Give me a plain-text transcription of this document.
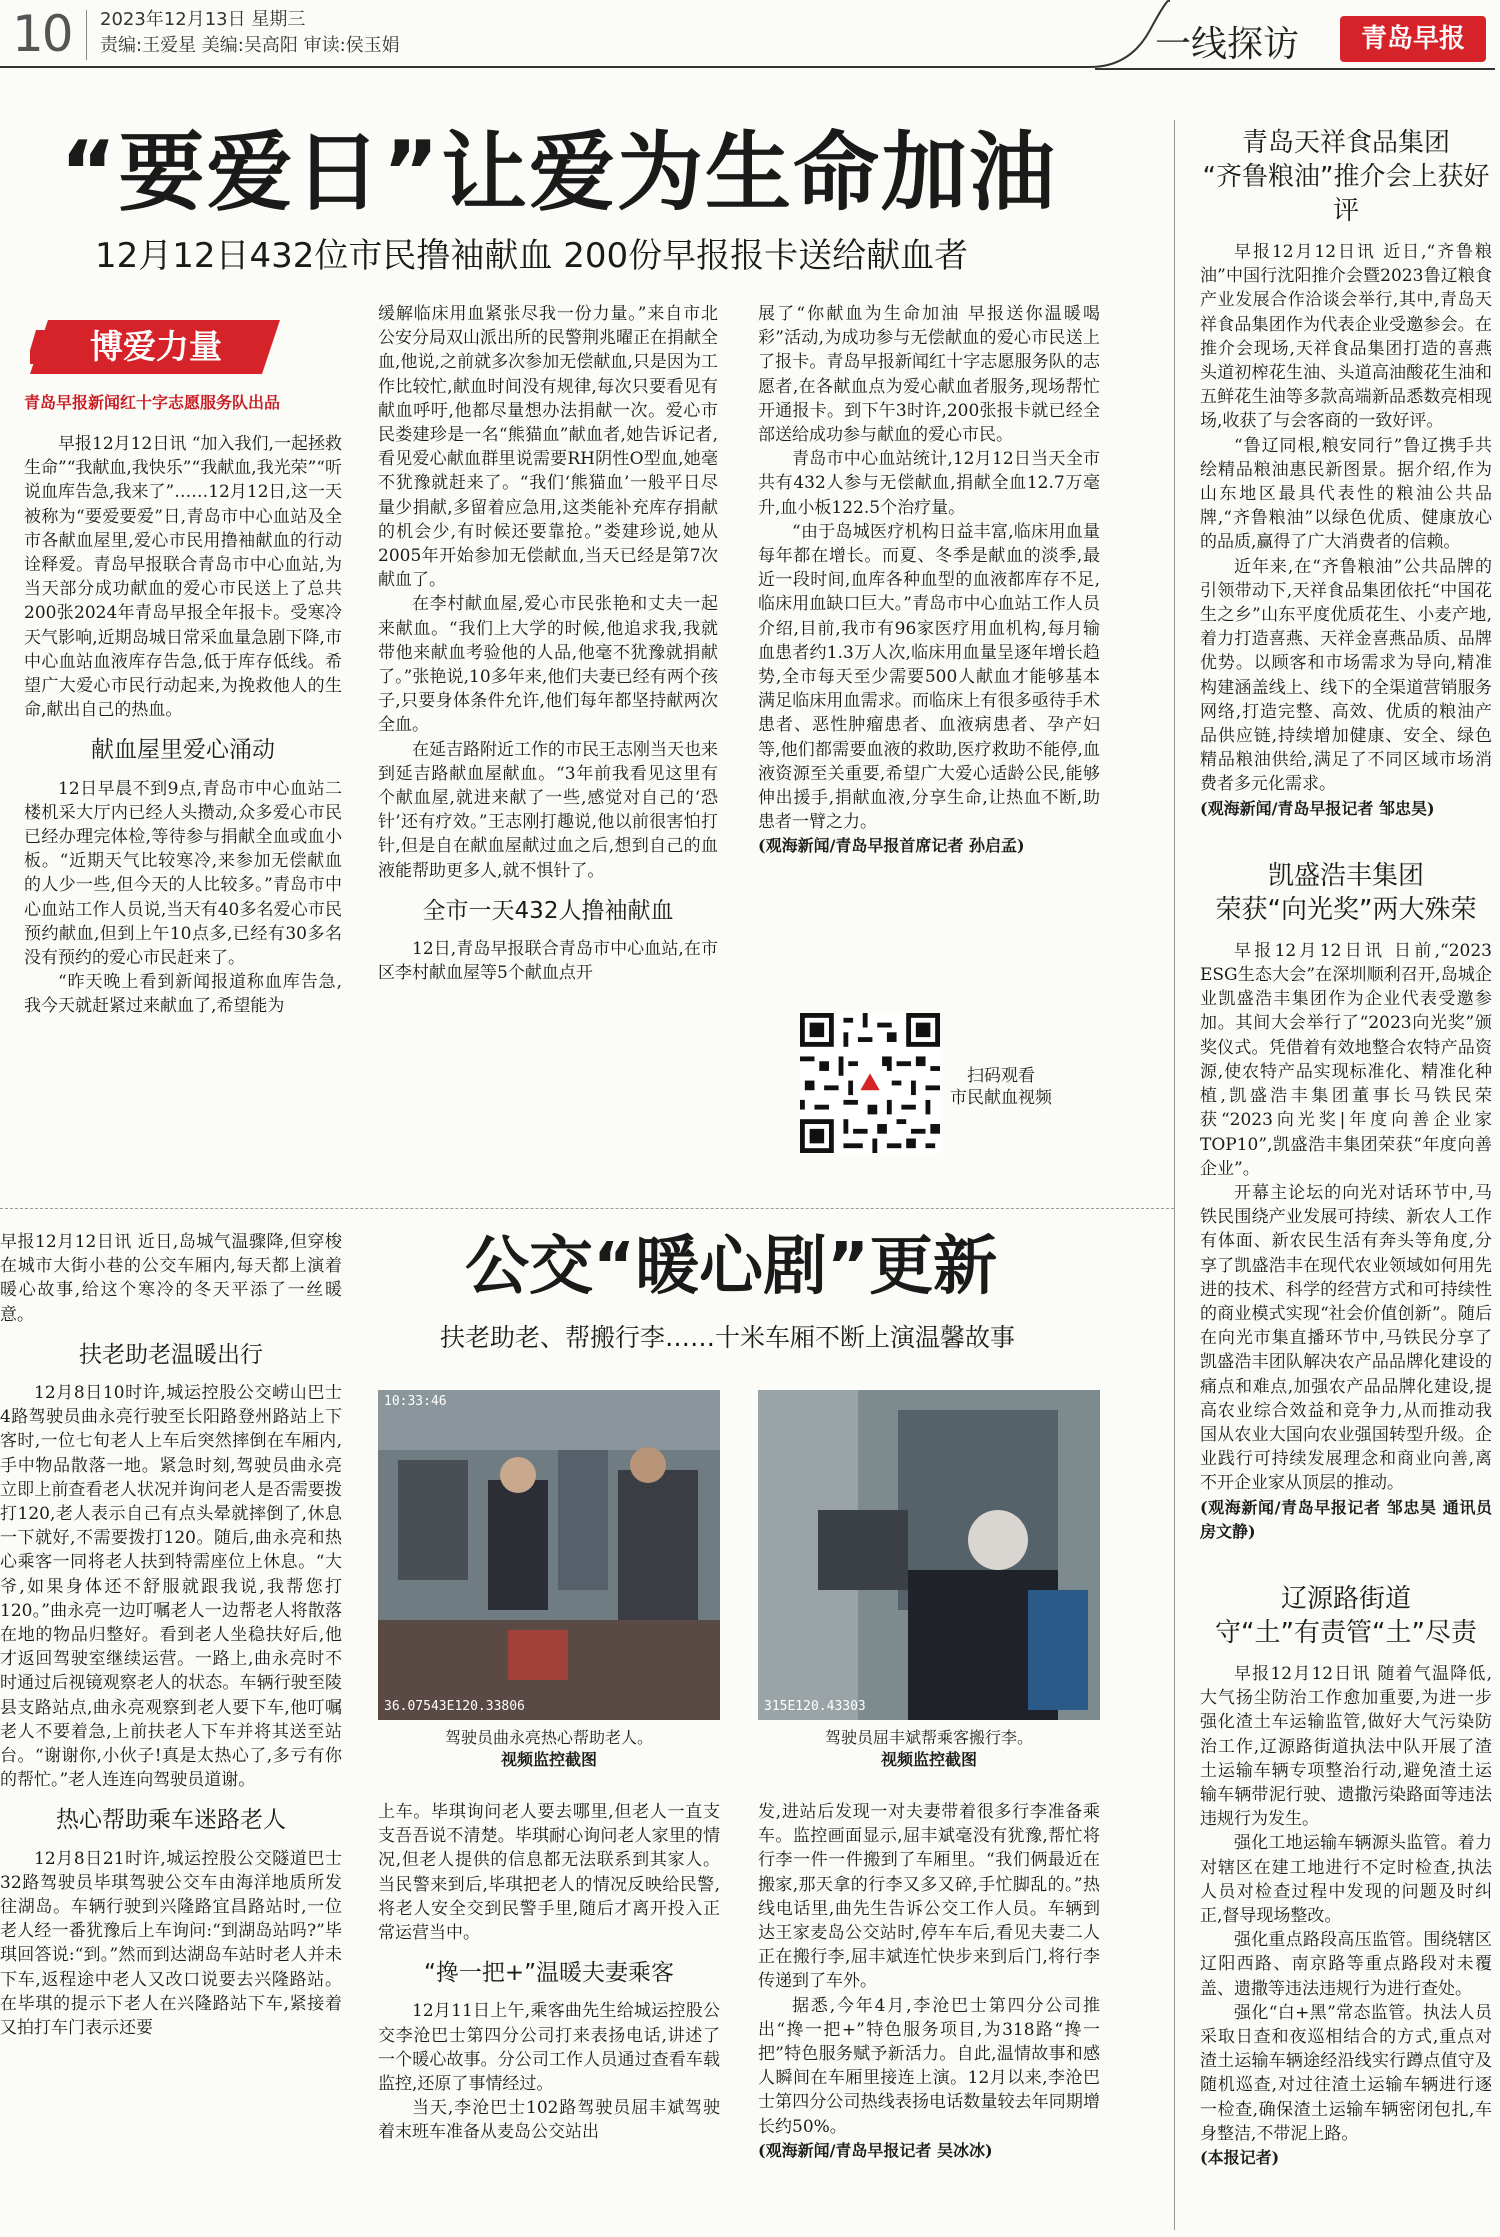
10 2023年12月13日 星期三
责编:王爱星 美编:吴高阳 审读:侯玉娟	一线探访	青岛早报
“要爱日”让爱为生命加油
12月12日432位市民撸袖献血 200份早报报卡送给献血者
博爱力量
青岛早报新闻红十字志愿服务队出品

早报12月12日讯 “加入我们,一起拯救生命”“我献血,我快乐”“我献血,我光荣”“听说血库告急,我来了”……12月12日,这一天被称为“要爱要爱”日,青岛市中心血站及全市各献血屋里,爱心市民用撸袖献血的行动诠释爱。青岛早报联合青岛市中心血站,为当天部分成功献血的爱心市民送上了总共200张2024年青岛早报全年报卡。受寒冷天气影响,近期岛城日常采血量急剧下降,市中心血站血液库存告急,低于库存低线。希望广大爱心市民行动起来,为挽救他人的生命,献出自己的热血。

献血屋里爱心涌动

12日早晨不到9点,青岛市中心血站二楼机采大厅内已经人头攒动,众多爱心市民已经办理完体检,等待参与捐献全血或血小板。“近期天气比较寒冷,来参加无偿献血的人少一些,但今天的人比较多。”青岛市中心血站工作人员说,当天有40多名爱心市民预约献血,但到上午10点多,已经有30多名没有预约的爱心市民赶来了。

“昨天晚上看到新闻报道称血库告急,我今天就赶紧过来献血了,希望能为

缓解临床用血紧张尽我一份力量。”来自市北公安分局双山派出所的民警荆兆曜正在捐献全血,他说,之前就多次参加无偿献血,只是因为工作比较忙,献血时间没有规律,每次只要看见有献血呼吁,他都尽量想办法捐献一次。爱心市民娄建珍是一名“熊猫血”献血者,她告诉记者,看见爱心献血群里说需要RH阴性O型血,她毫不犹豫就赶来了。“我们‘熊猫血’一般平日尽量少捐献,多留着应急用,这类能补充库存捐献的机会少,有时候还要靠抢。”娄建珍说,她从2005年开始参加无偿献血,当天已经是第7次献血了。

在李村献血屋,爱心市民张艳和丈夫一起来献血。“我们上大学的时候,他追求我,我就带他来献血考验他的人品,他毫不犹豫就捐献了。”张艳说,10多年来,他们夫妻已经有两个孩子,只要身体条件允许,他们每年都坚持献两次全血。

在延吉路附近工作的市民王志刚当天也来到延吉路献血屋献血。“3年前我看见这里有个献血屋,就进来献了一些,感觉对自己的‘恐针’还有疗效。”王志刚打趣说,他以前很害怕打针,但是自在献血屋献过血之后,想到自己的血液能帮助更多人,就不惧针了。

全市一天432人撸袖献血

12日,青岛早报联合青岛市中心血站,在市区李村献血屋等5个献血点开

展了“你献血为生命加油 早报送你温暖喝彩”活动,为成功参与无偿献血的爱心市民送上了报卡。青岛早报新闻红十字志愿服务队的志愿者,在各献血点为爱心献血者服务,现场帮忙开通报卡。到下午3时许,200张报卡就已经全部送给成功参与献血的爱心市民。

青岛市中心血站统计,12月12日当天全市共有432人参与无偿献血,捐献全血12.7万毫升,血小板122.5个治疗量。

“由于岛城医疗机构日益丰富,临床用血量每年都在增长。而夏、冬季是献血的淡季,最近一段时间,血库各种血型的血液都库存不足,临床用血缺口巨大。”青岛市中心血站工作人员介绍,目前,我市有96家医疗用血机构,每月输血患者约1.3万人次,临床用血量呈逐年增长趋势,全市每天至少需要500人献血才能够基本满足临床用血需求。而临床上有很多亟待手术患者、恶性肿瘤患者、血液病患者、孕产妇等,他们都需要血液的救助,医疗救助不能停,血液资源至关重要,希望广大爱心适龄公民,能够伸出援手,捐献血液,分享生命,让热血不断,助患者一臂之力。

(观海新闻/青岛早报首席记者 孙启孟)

扫码观看
市民献血视频
公交“暖心剧”更新
扶老助老、帮搬行李……十米车厢不断上演温馨故事

早报12月12日讯 近日,岛城气温骤降,但穿梭在城市大街小巷的公交车厢内,每天都上演着暖心故事,给这个寒冷的冬天平添了一丝暖意。

扶老助老温暖出行

12月8日10时许,城运控股公交崂山巴士4路驾驶员曲永亮行驶至长阳路登州路站上下客时,一位七旬老人上车后突然摔倒在车厢内,手中物品散落一地。紧急时刻,驾驶员曲永亮立即上前查看老人状况并询问老人是否需要拨打120,老人表示自己有点头晕就摔倒了,休息一下就好,不需要拨打120。随后,曲永亮和热心乘客一同将老人扶到特需座位上休息。“大爷,如果身体还不舒服就跟我说,我帮您打120。”曲永亮一边叮嘱老人一边帮老人将散落在地的物品归整好。看到老人坐稳扶好后,他才返回驾驶室继续运营。一路上,曲永亮时不时通过后视镜观察老人的状态。车辆行驶至陵县支路站点,曲永亮观察到老人要下车,他叮嘱老人不要着急,上前扶老人下车并将其送至站台。“谢谢你,小伙子!真是太热心了,多亏有你的帮忙。”老人连连向驾驶员道谢。

热心帮助乘车迷路老人

12月8日21时许,城运控股公交隧道巴士32路驾驶员毕琪驾驶公交车由海洋地质所发往湖岛。车辆行驶到兴隆路宜昌路站时,一位老人经一番犹豫后上车询问:“到湖岛站吗?”毕琪回答说:“到。”然而到达湖岛车站时老人并未下车,返程途中老人又改口说要去兴隆路站。在毕琪的提示下老人在兴隆路站下车,紧接着又拍打车门表示还要

10:33:46
36.07543E120.33806
驾驶员曲永亮热心帮助老人。
视频监控截图
315E120.43303
驾驶员屈丰斌帮乘客搬行李。
视频监控截图

上车。毕琪询问老人要去哪里,但老人一直支支吾吾说不清楚。毕琪耐心询问老人家里的情况,但老人提供的信息都无法联系到其家人。当民警来到后,毕琪把老人的情况反映给民警,将老人安全交到民警手里,随后才离开投入正常运营当中。

“搀一把+”温暖夫妻乘客

12月11日上午,乘客曲先生给城运控股公交李沧巴士第四分公司打来表扬电话,讲述了一个暖心故事。分公司工作人员通过查看车载监控,还原了事情经过。

当天,李沧巴士102路驾驶员屈丰斌驾驶着末班车准备从麦岛公交站出

发,进站后发现一对夫妻带着很多行李准备乘车。监控画面显示,屈丰斌毫没有犹豫,帮忙将行李一件一件搬到了车厢里。“我们俩最近在搬家,那天拿的行李又多又碎,手忙脚乱的。”热线电话里,曲先生告诉公交工作人员。车辆到达王家麦岛公交站时,停车车后,看见夫妻二人正在搬行李,屈丰斌连忙快步来到后门,将行李传递到了车外。

据悉,今年4月,李沧巴士第四分公司推出“搀一把+”特色服务项目,为318路“搀一把”特色服务赋予新活力。自此,温情故事和感人瞬间在车厢里接连上演。12月以来,李沧巴士第四分公司热线表扬电话数量较去年同期增长约50%。

(观海新闻/青岛早报记者 吴冰冰)

青岛天祥食品集团
“齐鲁粮油”推介会上获好评

早报12月12日讯 近日,“齐鲁粮油”中国行沈阳推介会暨2023鲁辽粮食产业发展合作洽谈会举行,其中,青岛天祥食品集团作为代表企业受邀参会。在推介会现场,天祥食品集团打造的喜燕头道初榨花生油、头道高油酸花生油和五鲜花生油等多款高端新品悉数亮相现场,收获了与会客商的一致好评。

“鲁辽同根,粮安同行”鲁辽携手共绘精品粮油惠民新图景。据介绍,作为山东地区最具代表性的粮油公共品牌,“齐鲁粮油”以绿色优质、健康放心的品质,赢得了广大消费者的信赖。

近年来,在“齐鲁粮油”公共品牌的引领带动下,天祥食品集团依托“中国花生之乡”山东平度优质花生、小麦产地,着力打造喜燕、天祥金喜燕品质、品牌优势。以顾客和市场需求为导向,精准构建涵盖线上、线下的全渠道营销服务网络,打造完整、高效、优质的粮油产品供应链,持续增加健康、安全、绿色精品粮油供给,满足了不同区域市场消费者多元化需求。

(观海新闻/青岛早报记者 邹忠昊)

凯盛浩丰集团
荣获“向光奖”两大殊荣

早报12月12日讯 日前,“2023 ESG生态大会”在深圳顺利召开,岛城企业凯盛浩丰集团作为企业代表受邀参加。其间大会举行了“2023向光奖”颁奖仪式。凭借着有效地整合农特产品资源,使农特产品实现标准化、精准化种植,凯盛浩丰集团董事长马铁民荣获“2023向光奖|年度向善企业家TOP10”,凯盛浩丰集团荣获“年度向善企业”。

开幕主论坛的向光对话环节中,马铁民围绕产业发展可持续、新农人工作有体面、新农民生活有奔头等角度,分享了凯盛浩丰在现代农业领域如何用先进的技术、科学的经营方式和可持续性的商业模式实现“社会价值创新”。随后在向光市集直播环节中,马铁民分享了凯盛浩丰团队解决农产品品牌化建设的痛点和难点,加强农产品品牌化建设,提高农业综合效益和竞争力,从而推动我国从农业大国向农业强国转型升级。企业践行可持续发展理念和商业向善,离不开企业家从顶层的推动。

(观海新闻/青岛早报记者 邹忠昊 通讯员 房文静)

辽源路街道
守“土”有责管“土”尽责

早报12月12日讯 随着气温降低,大气扬尘防治工作愈加重要,为进一步强化渣土车运输监管,做好大气污染防治工作,辽源路街道执法中队开展了渣土运输车辆专项整治行动,避免渣土运输车辆带泥行驶、遗撒污染路面等违法违规行为发生。

强化工地运输车辆源头监管。着力对辖区在建工地进行不定时检查,执法人员对检查过程中发现的问题及时纠正,督导现场整改。

强化重点路段高压监管。围绕辖区辽阳西路、南京路等重点路段对未覆盖、遗撒等违法违规行为进行查处。

强化“白+黑”常态监管。执法人员采取日查和夜巡相结合的方式,重点对渣土运输车辆途经沿线实行蹲点值守及随机巡查,对过往渣土运输车辆进行逐一检查,确保渣土运输车辆密闭包扎,车身整洁,不带泥上路。

(本报记者)
